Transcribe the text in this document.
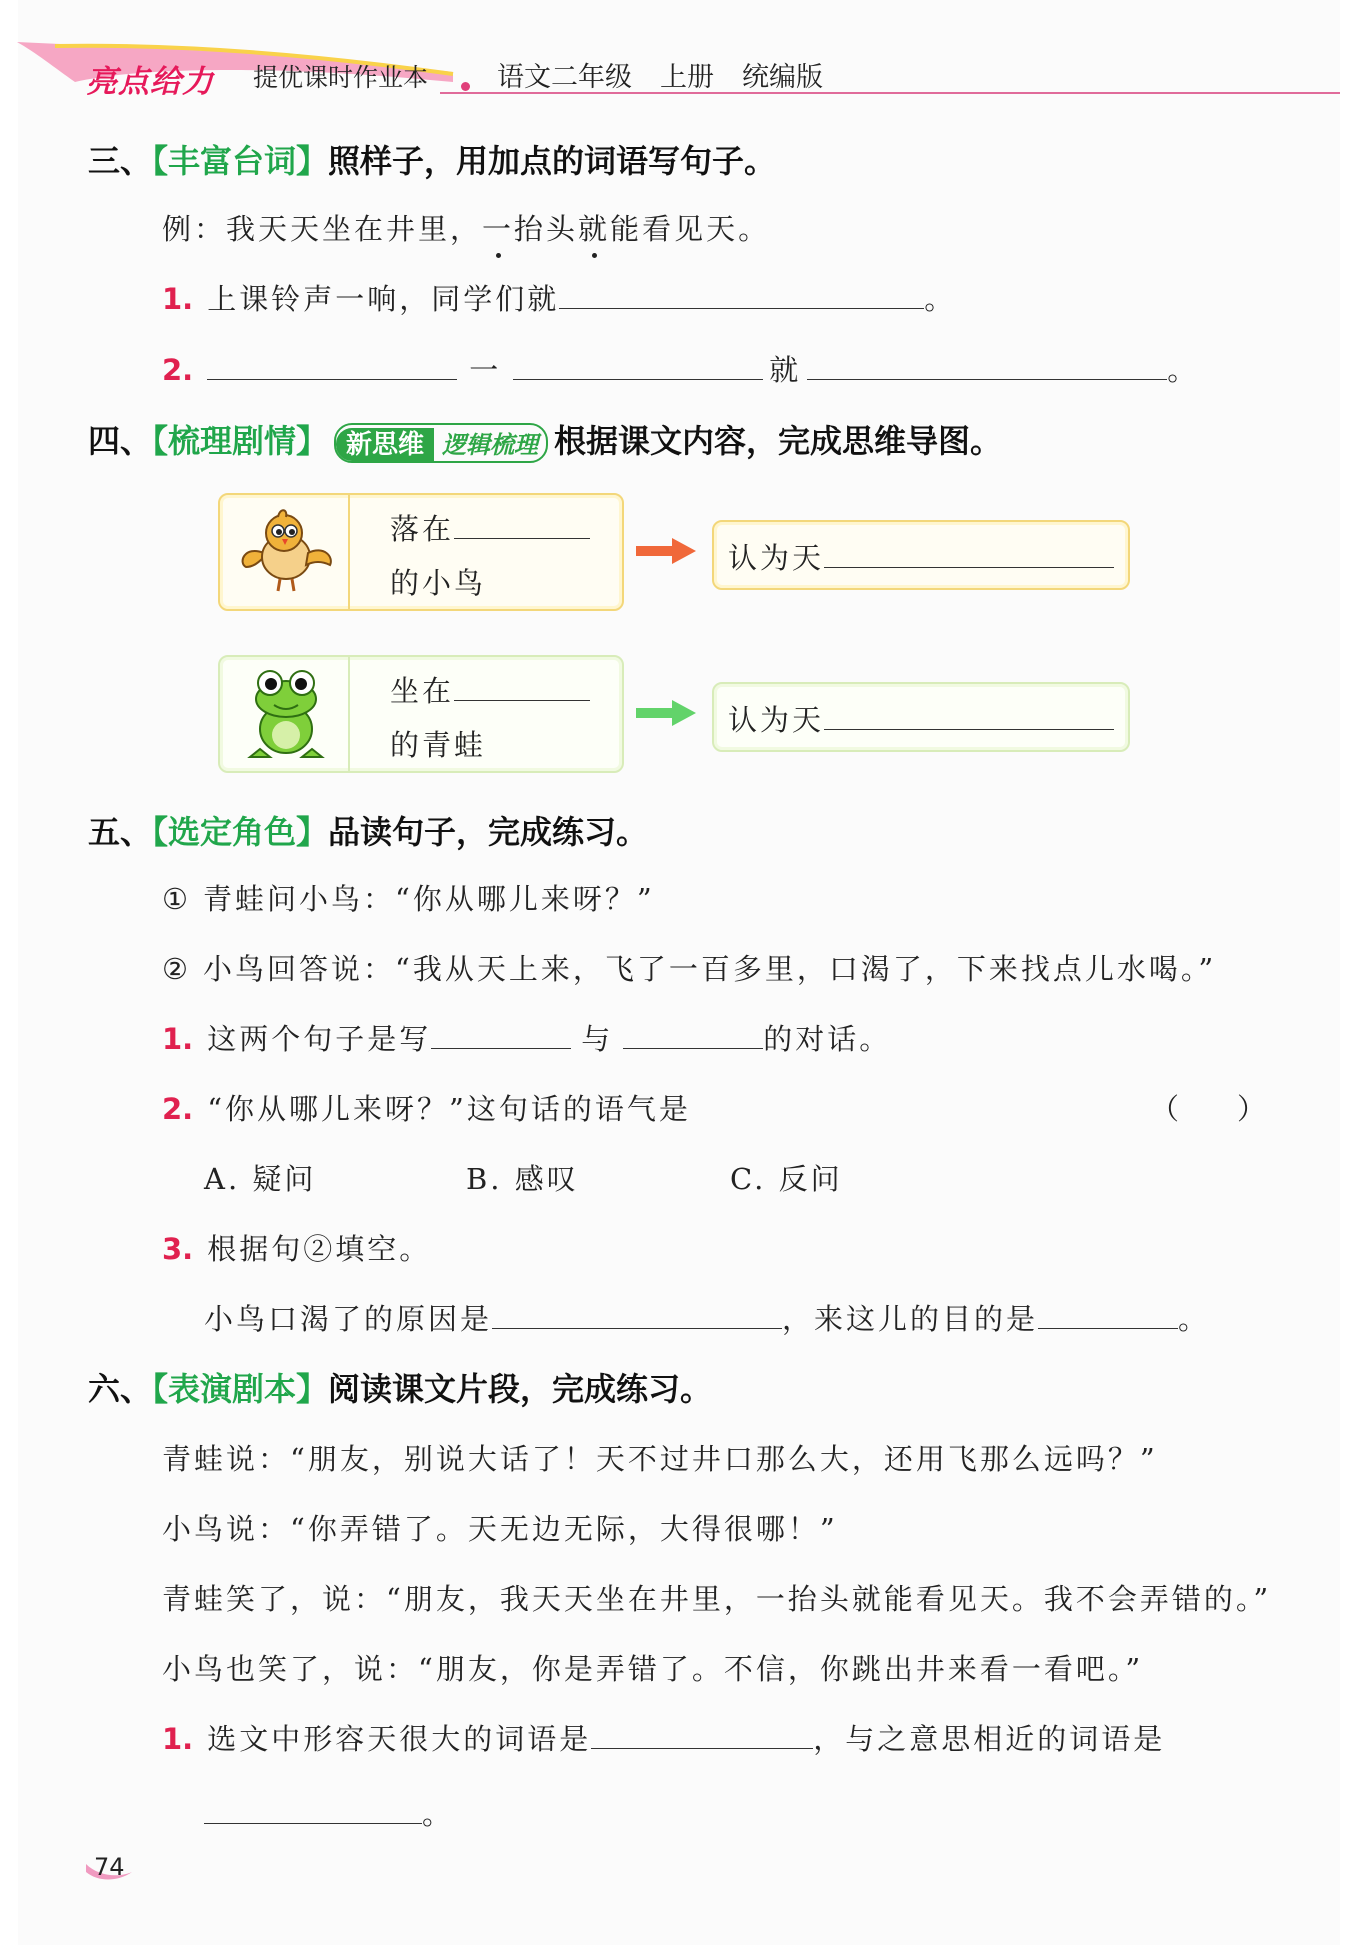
亮点给力 提优课时作业本	语文二年级 上册 统编版
三、【丰富台词】照样子，用加点的词语写句子。
例：我天天坐在井里，一抬头就能看见天。
1. 上课铃声一响，同学们就	。
2.	一	就	。
四、【梳理剧情】 新思维 逻辑梳理 根据课文内容，完成思维导图。
落在
的小鸟
认为天
坐在
的青蛙
认为天
五、【选定角色】品读句子，完成练习。
① 青蛙问小鸟：“你从哪儿来呀？”
② 小鸟回答说：“我从天上来，飞了一百多里，口渴了，下来找点儿水喝。”
1. 这两个句子是写	与	的对话。
2. “你从哪儿来呀？”这句话的语气是	（　　）
A. 疑问	B. 感叹	C. 反问
3. 根据句②填空。
小鸟口渴了的原因是	，来这儿的目的是	。
六、【表演剧本】阅读课文片段，完成练习。
青蛙说：“朋友，别说大话了！天不过井口那么大，还用飞那么远吗？”
小鸟说：“你弄错了。天无边无际，大得很哪！”
青蛙笑了，说：“朋友，我天天坐在井里，一抬头就能看见天。我不会弄错的。”
小鸟也笑了，说：“朋友，你是弄错了。不信，你跳出井来看一看吧。”
1. 选文中形容天很大的词语是	，与之意思相近的词语是
。
74
